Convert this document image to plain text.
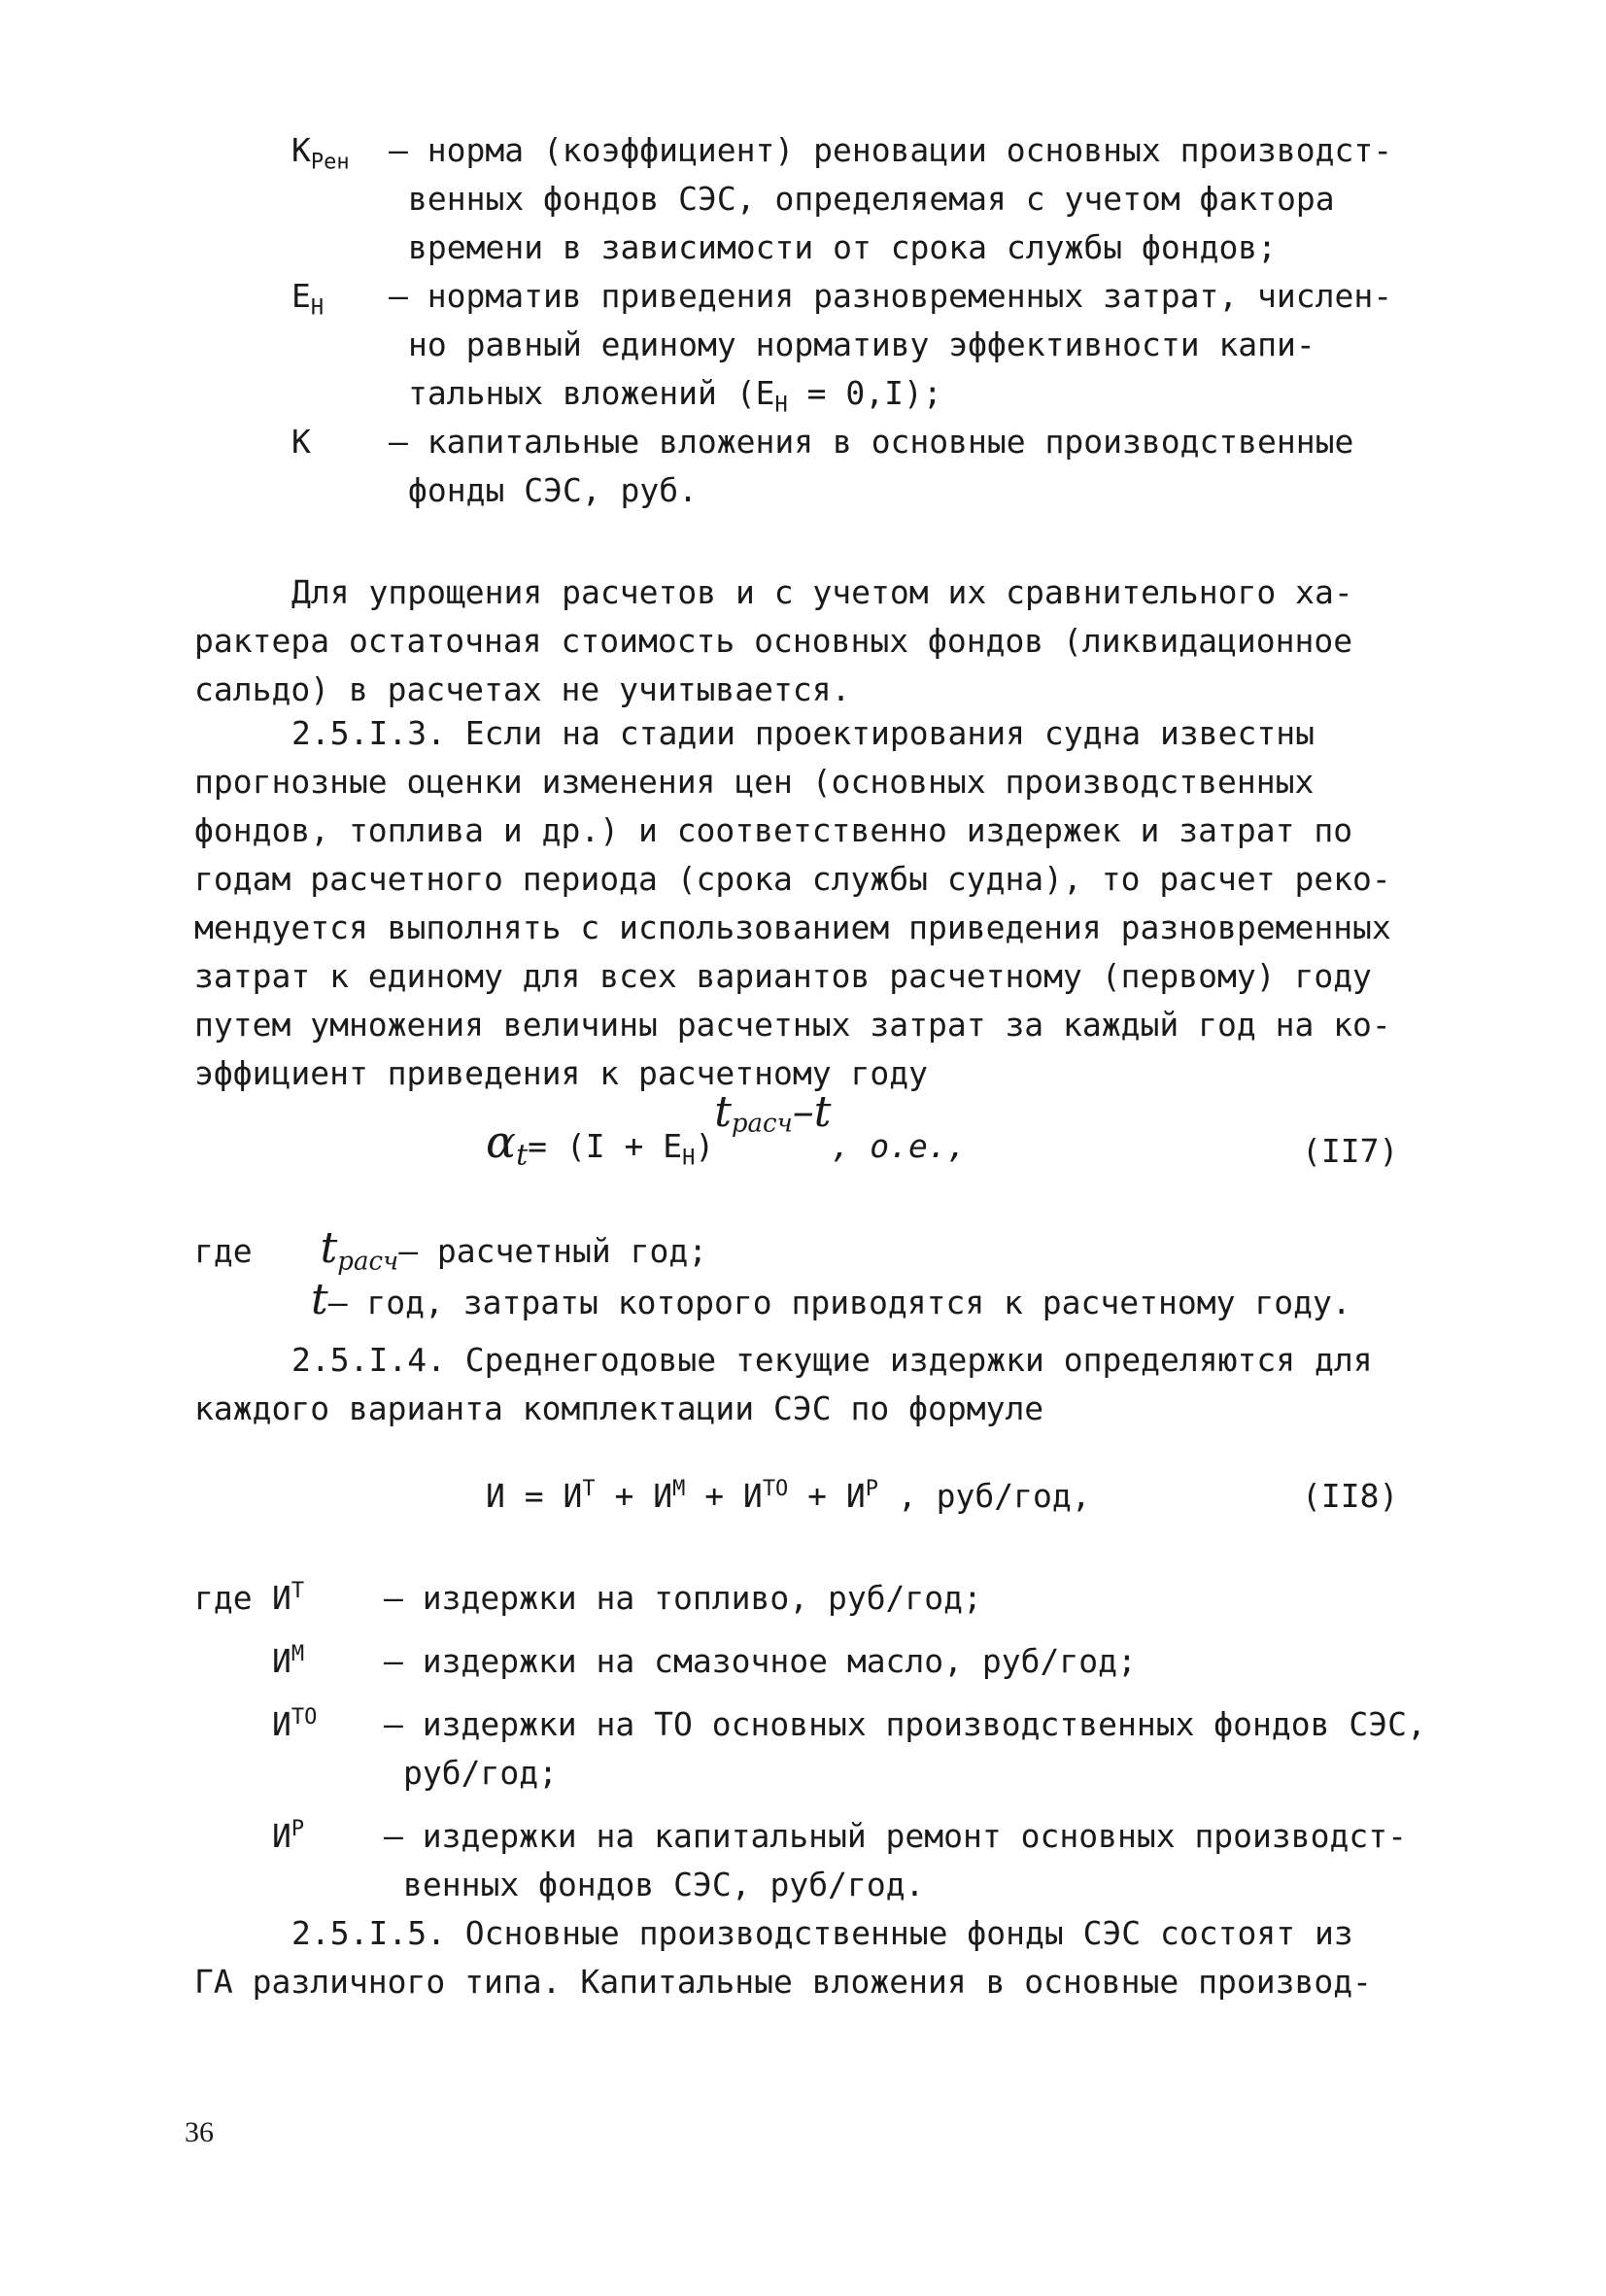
$К_{Рен}$	– норма (коэффициент) реновации основных производст-
венных фондов СЭС, определяемая с учетом фактора
времени в зависимости от срока службы фондов;
$Е_Н$	– норматив приведения разновременных затрат, числен-
но равный единому нормативу эффективности капи-
тальных вложений $(Е_Н = 0,I)$;
К	– капитальные вложения в основные производственные
фонды СЭС, руб.
Для упрощения расчетов и с учетом их сравнительного ха-
рактера остаточная стоимость основных фондов (ликвидационное
сальдо) в расчетах не учитывается.
2.5.I.3. Если на стадии проектирования судна известны
прогнозные оценки изменения цен (основных производственных
фондов, топлива и др.) и соответственно издержек и затрат по
годам расчетного периода (срока службы судна), то расчет реко-
мендуется выполнять с использованием приведения разновременных
затрат к единому для всех вариантов расчетному (первому) году
путем умножения величины расчетных затрат за каждый год на ко-
эффициент приведения к расчетному году
$\alpha_t= (I + Е_Н)^{t_{расч}-t}$, о.е.,	(II7)
где $t_{расч}-$ расчетный год;
t– год, затраты которого приводятся к расчетному году.
2.5.I.4. Среднегодовые текущие издержки определяются для
каждого варианта комплектации СЭС по формуле
$И = И^Т + И^М + И^{ТО} + И^Р$ , руб/год,	(II8)
где $И^Т$ – издержки на топливо, руб/год;
$И^М$ – издержки на смазочное масло, руб/год;
$И^{ТО}$ – издержки на ТО основных производственных фондов СЭС,
руб/год;
$И^Р$ – издержки на капитальный ремонт основных производст-
венных фондов СЭС, руб/год.
2.5.I.5. Основные производственные фонды СЭС состоят из
ГА различного типа. Капитальные вложения в основные производ-
36
